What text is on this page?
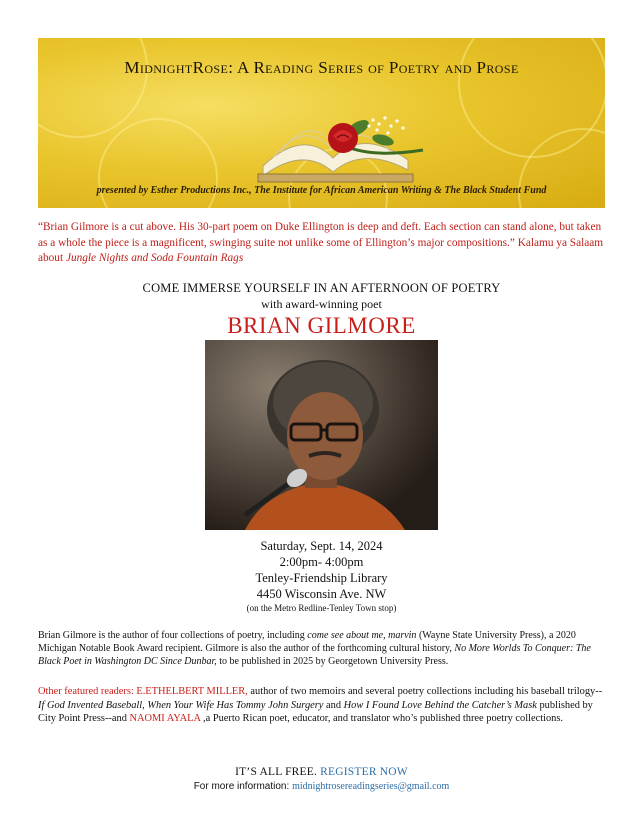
MidnightRose: A Reading Series of Poetry and Prose
presented by Esther Productions Inc., The Institute for African American Writing & The Black Student Fund

“Brian Gilmore is a cut above. His 30-part poem on Duke Ellington is deep and deft. Each section can stand alone, but taken as a whole the piece is a magnificent, swinging suite not unlike some of Ellington’s major compositions.” Kalamu ya Salaam about Jungle Nights and Soda Fountain Rags

COME IMMERSE YOURSELF IN AN AFTERNOON OF POETRY
with award-winning poet
BRIAN GILMORE
Saturday, Sept. 14, 2024
2:00pm- 4:00pm
Tenley-Friendship Library
4450 Wisconsin Ave. NW
(on the Metro Redline-Tenley Town stop)

Brian Gilmore is the author of four collections of poetry, including come see about me, marvin (Wayne State University Press), a 2020 Michigan Notable Book Award recipient. Gilmore is also the author of the forthcoming cultural history, No More Worlds To Conquer: The Black Poet in Washington DC Since Dunbar, to be published in 2025 by Georgetown University Press.

Other featured readers: E.ETHELBERT MILLER, author of two memoirs and several poetry collections including his baseball trilogy--If God Invented Baseball, When Your Wife Has Tommy John Surgery and How I Found Love Behind the Catcher’s Mask published by City Point Press--and NAOMI AYALA ,a Puerto Rican poet, educator, and translator who’s published three poetry collections.

IT’S ALL FREE. REGISTER NOW
For more information: midnightrosereadingseries@gmail.com
